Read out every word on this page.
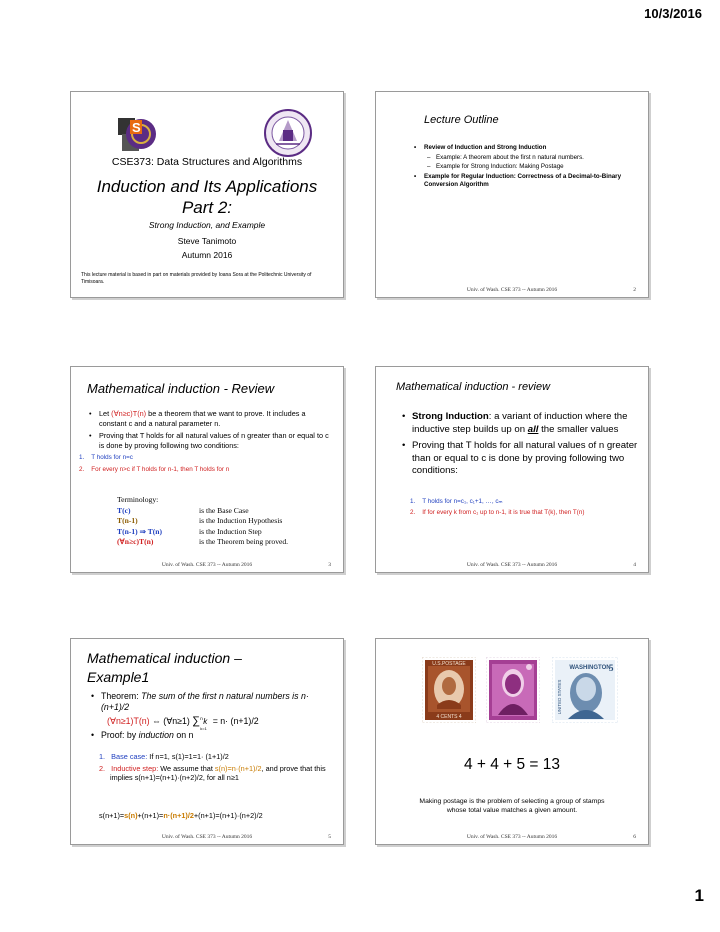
10/3/2016
S
CSE373: Data Structures and Algorithms
Induction and Its Applications
Part 2:
Strong Induction, and Example
Steve Tanimoto
Autumn 2016
This lecture material is based in part on materials provided by Ioana Sora at the Politechnic University of Timisoara.
Lecture Outline
• Review of Induction and Strong Induction
– Example: A theorem about the first n natural numbers.
– Example for Strong Induction: Making Postage
• Example for Regular Induction: Correctness of a Decimal-to-Binary Conversion Algorithm
Univ. of Wash. CSE 373 -- Autumn 2016	2
Mathematical induction - Review
• Let (∀n≥c)T(n) be a theorem that we want to prove. It includes a constant c and a natural parameter n.
• Proving that T holds for all natural values of n greater than or equal to c is done by proving following two conditions:
1.    T holds for n=c
2.    For every n>c if T holds for n-1, then T holds for n
Terminology:
T(c)	is the Base Case
T(n-1)	is the Induction Hypothesis
T(n-1) ⇒ T(n)	is the Induction Step
(∀n≥c)T(n)	is the Theorem being proved.
Univ. of Wash. CSE 373 -- Autumn 2016	3
Mathematical induction - review
• Strong Induction: a variant of induction where the inductive step builds up on all the smaller values
• Proving that T holds for all natural values of n greater than or equal to c is done by proving following two conditions:
1.    T holds for n=c₁, c₁+1, …, cₘ
2.    If for every k from c₁ up to n-1, it is true that T(k), then T(n)
Univ. of Wash. CSE 373 -- Autumn 2016	4
Mathematical induction – Example1
• Theorem: The sum of the first n natural numbers is n· (n+1)/2
(∀n≥1)T(n) ⇔ (∀n≥1) ∑ n
k=1
k = n· (n+1)/2
• Proof: by induction on n
1.   Base case: If n=1, s(1)=1=1· (1+1)/2
2.   Inductive step: We assume that s(n)=n·(n+1)/2, and prove that this implies s(n+1)=(n+1)·(n+2)/2, for all n≥1
s(n+1)=s(n)+(n+1)=n·(n+1)/2+(n+1)=(n+1)·(n+2)/2
Univ. of Wash. CSE 373 -- Autumn 2016	5
U.S.POSTAGE
4 CENTS 4
WASHINGTON
UNITED STATES
5
4 + 4 + 5 = 13
Making postage is the problem of selecting a group of stamps whose total value matches a given amount.
Univ. of Wash. CSE 373 -- Autumn 2016	6
1
